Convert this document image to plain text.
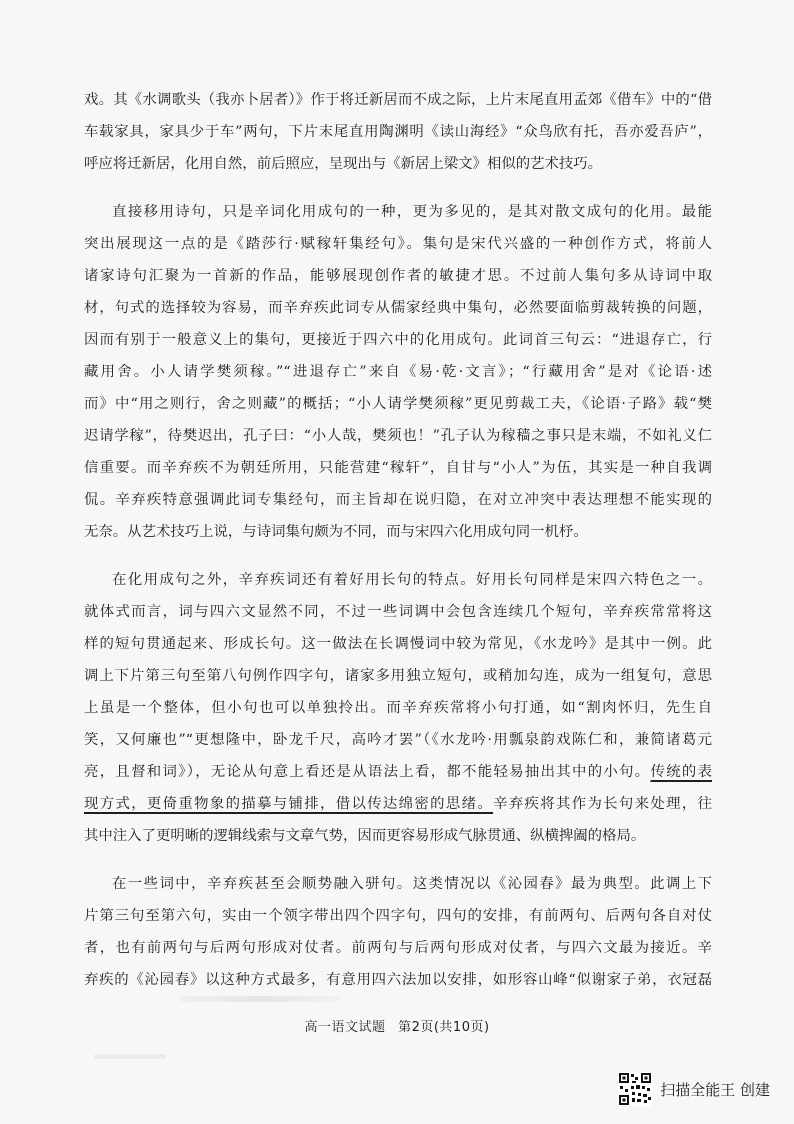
戏。其《水调歌头（我亦卜居者）》作于将迁新居而不成之际，上片末尾直用孟郊《借车》中的“借
车载家具，家具少于车”两句，下片末尾直用陶渊明《读山海经》“众鸟欣有托，吾亦爱吾庐”，
呼应将迁新居，化用自然，前后照应，呈现出与《新居上梁文》相似的艺术技巧。
直接移用诗句，只是辛词化用成句的一种，更为多见的，是其对散文成句的化用。最能
突出展现这一点的是《踏莎行·赋稼轩集经句》。集句是宋代兴盛的一种创作方式，将前人
诸家诗句汇聚为一首新的作品，能够展现创作者的敏捷才思。不过前人集句多从诗词中取
材，句式的选择较为容易，而辛弃疾此词专从儒家经典中集句，必然要面临剪裁转换的问题，
因而有别于一般意义上的集句，更接近于四六中的化用成句。此词首三句云：“进退存亡，行
藏用舍。小人请学樊须稼。”“进退存亡”来自《易·乾·文言》；“行藏用舍”是对《论语·述
而》中“用之则行，舍之则藏”的概括；“小人请学樊须稼”更见剪裁工夫，《论语·子路》载“樊
迟请学稼”，待樊迟出，孔子曰：“小人哉，樊须也！”孔子认为稼穑之事只是末端，不如礼义仁
信重要。而辛弃疾不为朝廷所用，只能营建“稼轩”，自甘与“小人”为伍，其实是一种自我调
侃。辛弃疾特意强调此词专集经句，而主旨却在说归隐，在对立冲突中表达理想不能实现的
无奈。从艺术技巧上说，与诗词集句颇为不同，而与宋四六化用成句同一机杼。
在化用成句之外，辛弃疾词还有着好用长句的特点。好用长句同样是宋四六特色之一。
就体式而言，词与四六文显然不同，不过一些词调中会包含连续几个短句，辛弃疾常常将这
样的短句贯通起来、形成长句。这一做法在长调慢词中较为常见，《水龙吟》是其中一例。此
调上下片第三句至第八句例作四字句，诸家多用独立短句，或稍加勾连，成为一组复句，意思
上虽是一个整体，但小句也可以单独拎出。而辛弃疾常将小句打通，如“割肉怀归，先生自
笑，又何廉也”“更想隆中，卧龙千尺，高吟才罢”（《水龙吟·用瓢泉韵戏陈仁和，兼简诸葛元
亮，且督和词》），无论从句意上看还是从语法上看，都不能轻易抽出其中的小句。传统的表
现方式，更倚重物象的描摹与铺排，借以传达绵密的思绪。辛弃疾将其作为长句来处理，往
其中注入了更明晰的逻辑线索与文章气势，因而更容易形成气脉贯通、纵横捭阖的格局。
在一些词中，辛弃疾甚至会顺势融入骈句。这类情况以《沁园春》最为典型。此调上下
片第三句至第六句，实由一个领字带出四个四字句，四句的安排，有前两句、后两句各自对仗
者，也有前两句与后两句形成对仗者。前两句与后两句形成对仗者，与四六文最为接近。辛
弃疾的《沁园春》以这种方式最多，有意用四六法加以安排，如形容山峰“似谢家子弟，衣冠磊
高一语文试题 第2页(共10页)
扫描全能王 创建
